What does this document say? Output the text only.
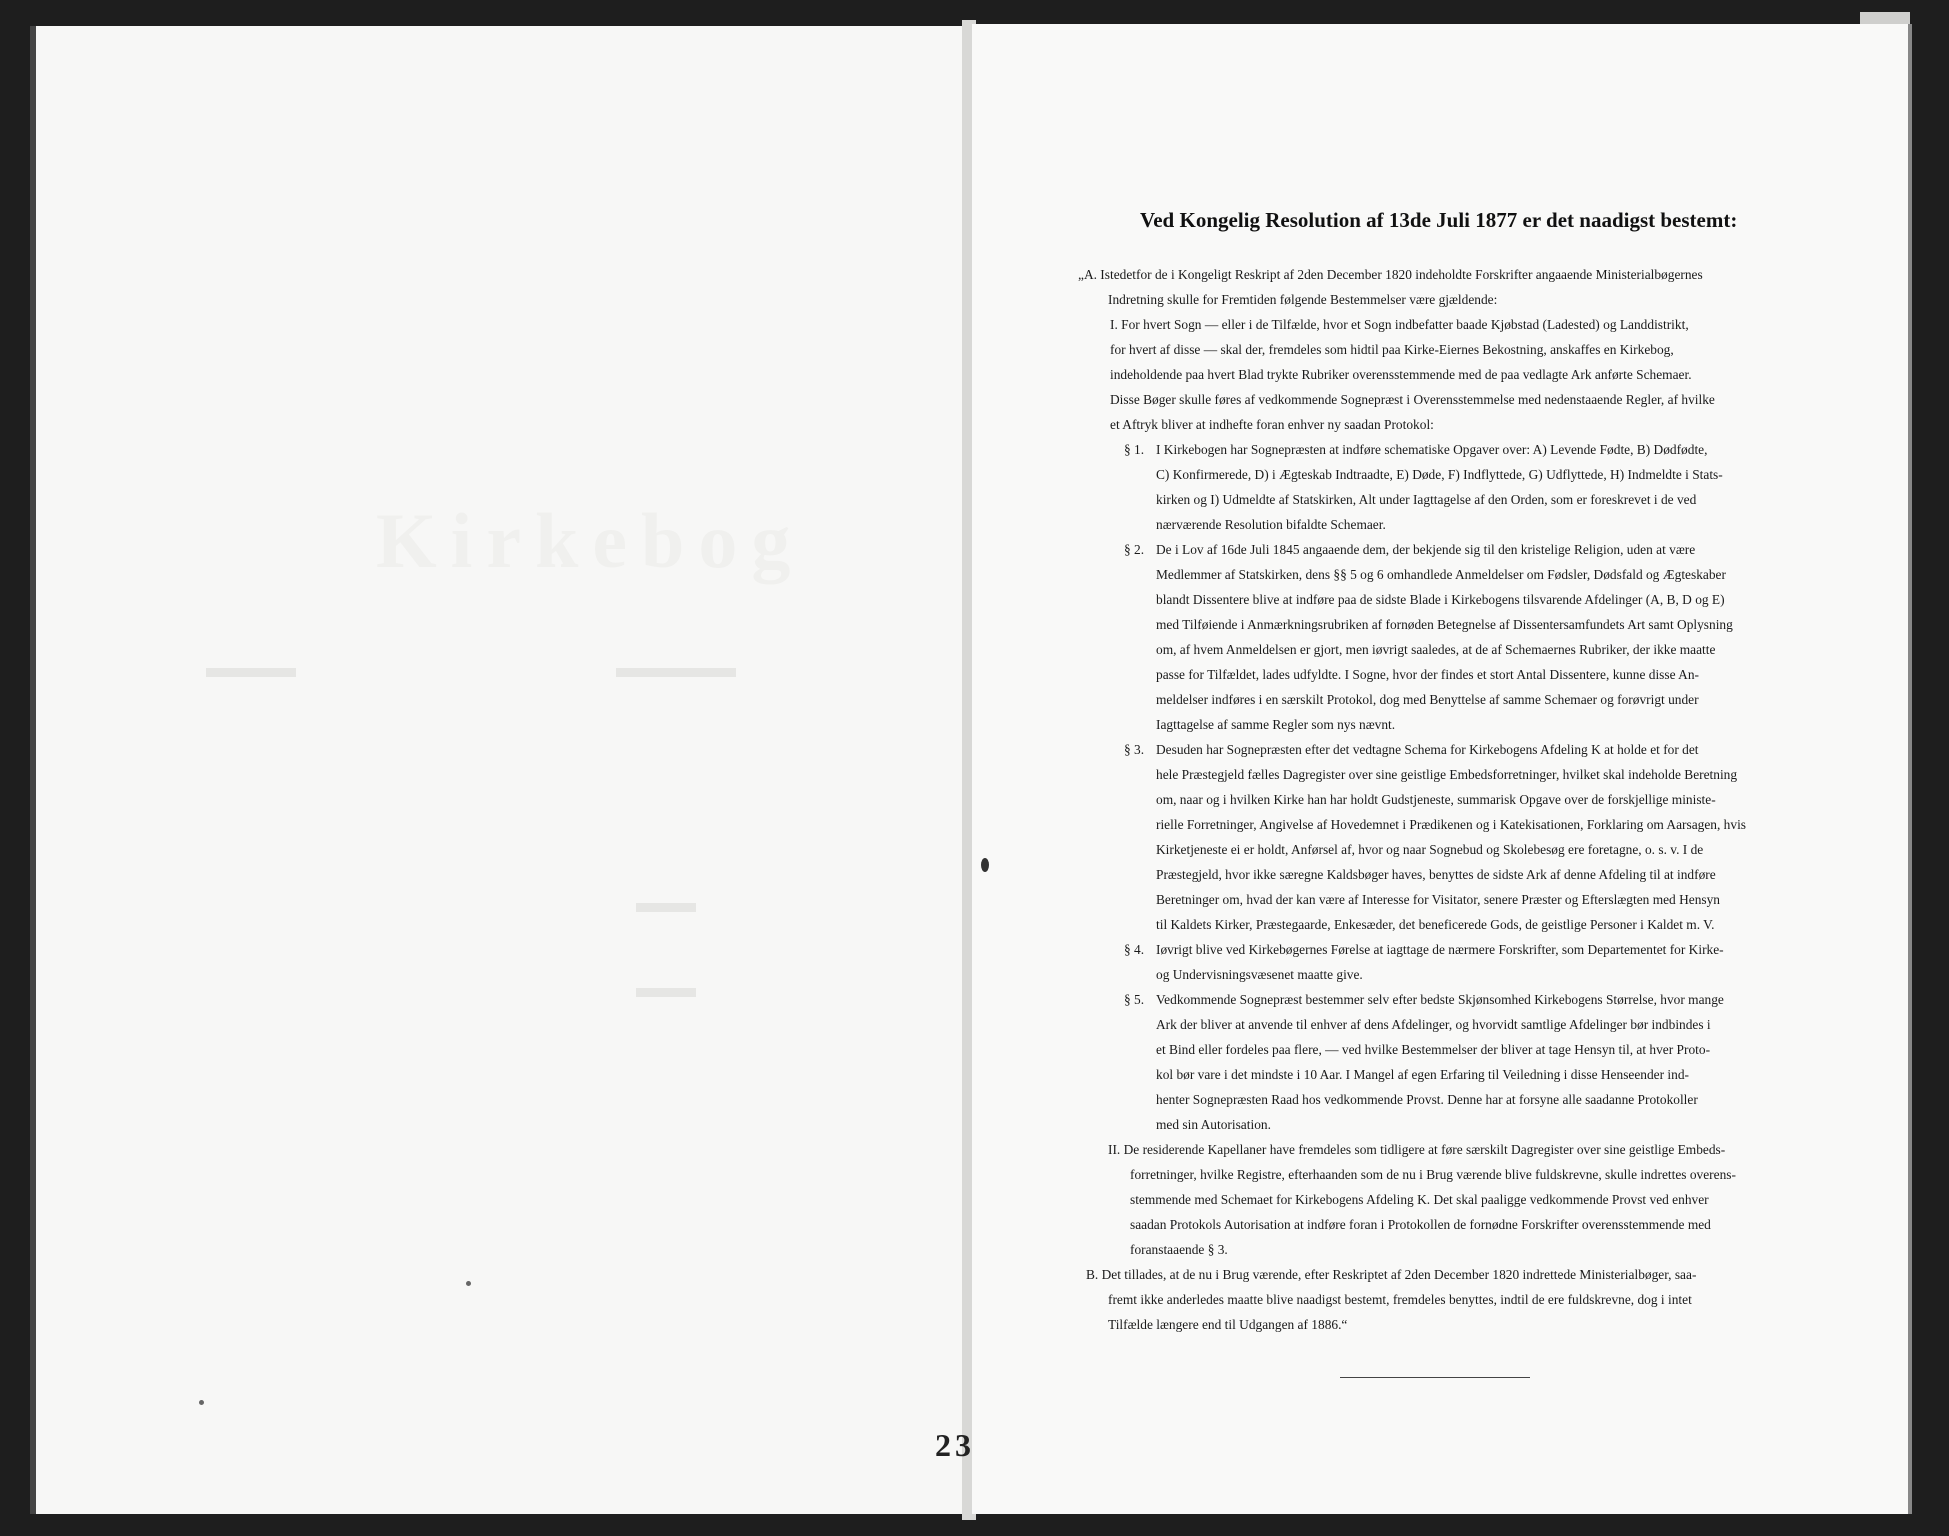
Kirkebog
▬▬▬	▬▬▬▬
▬▬
▬▬
23
Ved Kongelig Resolution af 13de Juli 1877 er det naadigst bestemt:
„A. Istedetfor de i Kongeligt Reskript af 2den December 1820 indeholdte Forskrifter angaaende Ministerialbøgernes
Indretning skulle for Fremtiden følgende Bestemmelser være gjældende:
I. For hvert Sogn — eller i de Tilfælde, hvor et Sogn indbefatter baade Kjøbstad (Ladested) og Landdistrikt,
for hvert af disse — skal der, fremdeles som hidtil paa Kirke-Eiernes Bekostning, anskaffes en Kirkebog,
indeholdende paa hvert Blad trykte Rubriker overensstemmende med de paa vedlagte Ark anførte Schemaer.
Disse Bøger skulle føres af vedkommende Sognepræst i Overensstemmelse med nedenstaaende Regler, af hvilke
et Aftryk bliver at indhefte foran enhver ny saadan Protokol:
§ 1. I Kirkebogen har Sognepræsten at indføre schematiske Opgaver over: A) Levende Fødte, B) Dødfødte,
C) Konfirmerede, D) i Ægteskab Indtraadte, E) Døde, F) Indflyttede, G) Udflyttede, H) Indmeldte i Stats-
kirken og I) Udmeldte af Statskirken, Alt under Iagttagelse af den Orden, som er foreskrevet i de ved
nærværende Resolution bifaldte Schemaer.
§ 2. De i Lov af 16de Juli 1845 angaaende dem, der bekjende sig til den kristelige Religion, uden at være
Medlemmer af Statskirken, dens §§ 5 og 6 omhandlede Anmeldelser om Fødsler, Dødsfald og Ægteskaber
blandt Dissentere blive at indføre paa de sidste Blade i Kirkebogens tilsvarende Afdelinger (A, B, D og E)
med Tilføiende i Anmærkningsrubriken af fornøden Betegnelse af Dissentersamfundets Art samt Oplysning
om, af hvem Anmeldelsen er gjort, men iøvrigt saaledes, at de af Schemaernes Rubriker, der ikke maatte
passe for Tilfældet, lades udfyldte. I Sogne, hvor der findes et stort Antal Dissentere, kunne disse An-
meldelser indføres i en særskilt Protokol, dog med Benyttelse af samme Schemaer og forøvrigt under
Iagttagelse af samme Regler som nys nævnt.
§ 3. Desuden har Sognepræsten efter det vedtagne Schema for Kirkebogens Afdeling K at holde et for det
hele Præstegjeld fælles Dagregister over sine geistlige Embedsforretninger, hvilket skal indeholde Beretning
om, naar og i hvilken Kirke han har holdt Gudstjeneste, summarisk Opgave over de forskjellige ministe-
rielle Forretninger, Angivelse af Hovedemnet i Prædikenen og i Katekisationen, Forklaring om Aarsagen, hvis
Kirketjeneste ei er holdt, Anførsel af, hvor og naar Sognebud og Skolebesøg ere foretagne, o. s. v. I de
Præstegjeld, hvor ikke særegne Kaldsbøger haves, benyttes de sidste Ark af denne Afdeling til at indføre
Beretninger om, hvad der kan være af Interesse for Visitator, senere Præster og Efterslægten med Hensyn
til Kaldets Kirker, Præstegaarde, Enkesæder, det beneficerede Gods, de geistlige Personer i Kaldet m. V.
§ 4. Iøvrigt blive ved Kirkebøgernes Førelse at iagttage de nærmere Forskrifter, som Departementet for Kirke-
og Undervisningsvæsenet maatte give.
§ 5. Vedkommende Sognepræst bestemmer selv efter bedste Skjønsomhed Kirkebogens Størrelse, hvor mange
Ark der bliver at anvende til enhver af dens Afdelinger, og hvorvidt samtlige Afdelinger bør indbindes i
et Bind eller fordeles paa flere, — ved hvilke Bestemmelser der bliver at tage Hensyn til, at hver Proto-
kol bør vare i det mindste i 10 Aar. I Mangel af egen Erfaring til Veiledning i disse Henseender ind-
henter Sognepræsten Raad hos vedkommende Provst. Denne har at forsyne alle saadanne Protokoller
med sin Autorisation.
II. De residerende Kapellaner have fremdeles som tidligere at føre særskilt Dagregister over sine geistlige Embeds-
forretninger, hvilke Registre, efterhaanden som de nu i Brug værende blive fuldskrevne, skulle indrettes overens-
stemmende med Schemaet for Kirkebogens Afdeling K. Det skal paaligge vedkommende Provst ved enhver
saadan Protokols Autorisation at indføre foran i Protokollen de fornødne Forskrifter overensstemmende med
foranstaaende § 3.
B. Det tillades, at de nu i Brug værende, efter Reskriptet af 2den December 1820 indrettede Ministerialbøger, saa-
fremt ikke anderledes maatte blive naadigst bestemt, fremdeles benyttes, indtil de ere fuldskrevne, dog i intet
Tilfælde længere end til Udgangen af 1886.“
